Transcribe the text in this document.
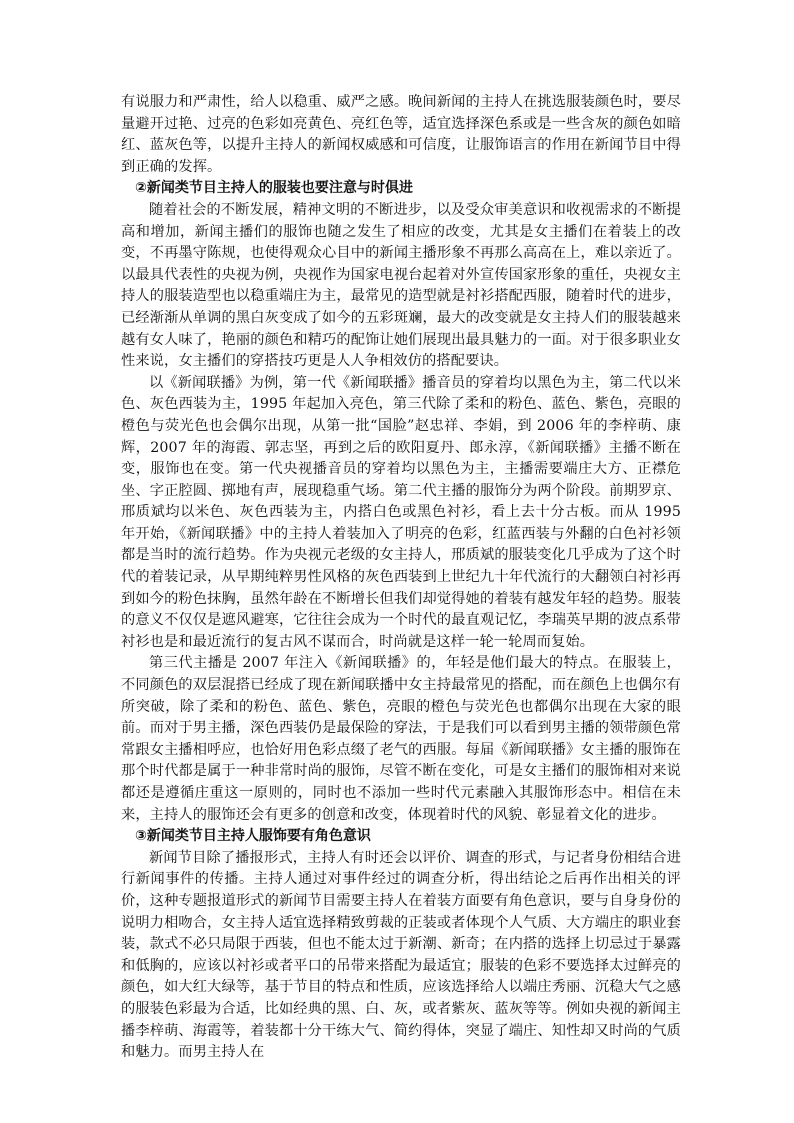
有说服力和严肃性，给人以稳重、威严之感。晚间新闻的主持人在挑选服装颜色时，要尽量避开过艳、过亮的色彩如亮黄色、亮红色等，适宜选择深色系或是一些含灰的颜色如暗红、蓝灰色等，以提升主持人的新闻权威感和可信度，让服饰语言的作用在新闻节目中得到正确的发挥。

②新闻类节目主持人的服装也要注意与时俱进

随着社会的不断发展，精神文明的不断进步，以及受众审美意识和收视需求的不断提高和增加，新闻主播们的服饰也随之发生了相应的改变，尤其是女主播们在着装上的改变，不再墨守陈规，也使得观众心目中的新闻主播形象不再那么高高在上，难以亲近了。以最具代表性的央视为例，央视作为国家电视台起着对外宣传国家形象的重任，央视女主持人的服装造型也以稳重端庄为主，最常见的造型就是衬衫搭配西服，随着时代的进步，已经渐渐从单调的黑白灰变成了如今的五彩斑斓，最大的改变就是女主持人们的服装越来越有女人味了，艳丽的颜色和精巧的配饰让她们展现出最具魅力的一面。对于很多职业女性来说，女主播们的穿搭技巧更是人人争相效仿的搭配要诀。

以《新闻联播》为例，第一代《新闻联播》播音员的穿着均以黑色为主，第二代以米色、灰色西装为主，1995 年起加入亮色，第三代除了柔和的粉色、蓝色、紫色，亮眼的橙色与荧光色也会偶尔出现，从第一批“国脸”赵忠祥、李娟，到 2006 年的李梓萌、康辉，2007 年的海霞、郭志坚，再到之后的欧阳夏丹、郎永淳，《新闻联播》主播不断在变，服饰也在变。第一代央视播音员的穿着均以黑色为主，主播需要端庄大方、正襟危坐、字正腔圆、掷地有声，展现稳重气场。第二代主播的服饰分为两个阶段。前期罗京、邢质斌均以米色、灰色西装为主，内搭白色或黑色衬衫，看上去十分古板。而从 1995 年开始，《新闻联播》中的主持人着装加入了明亮的色彩，红蓝西装与外翻的白色衬衫领都是当时的流行趋势。作为央视元老级的女主持人，邢质斌的服装变化几乎成为了这个时代的着装记录，从早期纯粹男性风格的灰色西装到上世纪九十年代流行的大翻领白衬衫再到如今的粉色抹胸，虽然年龄在不断增长但我们却觉得她的着装有越发年轻的趋势。服装的意义不仅仅是遮风避寒，它往往会成为一个时代的最直观记忆，李瑞英早期的波点系带衬衫也是和最近流行的复古风不谋而合，时尚就是这样一轮一轮周而复始。

第三代主播是 2007 年注入《新闻联播》的，年轻是他们最大的特点。在服装上，不同颜色的双层混搭已经成了现在新闻联播中女主持最常见的搭配，而在颜色上也偶尔有所突破，除了柔和的粉色、蓝色、紫色，亮眼的橙色与荧光色也都偶尔出现在大家的眼前。而对于男主播，深色西装仍是最保险的穿法，于是我们可以看到男主播的领带颜色常常跟女主播相呼应，也恰好用色彩点缀了老气的西服。每届《新闻联播》女主播的服饰在那个时代都是属于一种非常时尚的服饰，尽管不断在变化，可是女主播们的服饰相对来说都还是遵循庄重这一原则的，同时也不添加一些时代元素融入其服饰形态中。相信在未来，主持人的服饰还会有更多的创意和改变，体现着时代的风貌、彰显着文化的进步。

③新闻类节目主持人服饰要有角色意识

新闻节目除了播报形式，主持人有时还会以评价、调查的形式，与记者身份相结合进行新闻事件的传播。主持人通过对事件经过的调查分析，得出结论之后再作出相关的评价，这种专题报道形式的新闻节目需要主持人在着装方面要有角色意识，要与自身身份的说明力相吻合，女主持人适宜选择精致剪裁的正装或者体现个人气质、大方端庄的职业套装，款式不必只局限于西装，但也不能太过于新潮、新奇；在内搭的选择上切忌过于暴露和低胸的，应该以衬衫或者平口的吊带来搭配为最适宜；服装的色彩不要选择太过鲜亮的颜色，如大红大绿等，基于节目的特点和性质，应该选择给人以端庄秀丽、沉稳大气之感的服装色彩最为合适，比如经典的黑、白、灰，或者紫灰、蓝灰等等。例如央视的新闻主播李梓萌、海霞等，着装都十分干练大气、简约得体，突显了端庄、知性却又时尚的气质和魅力。而男主持人在
